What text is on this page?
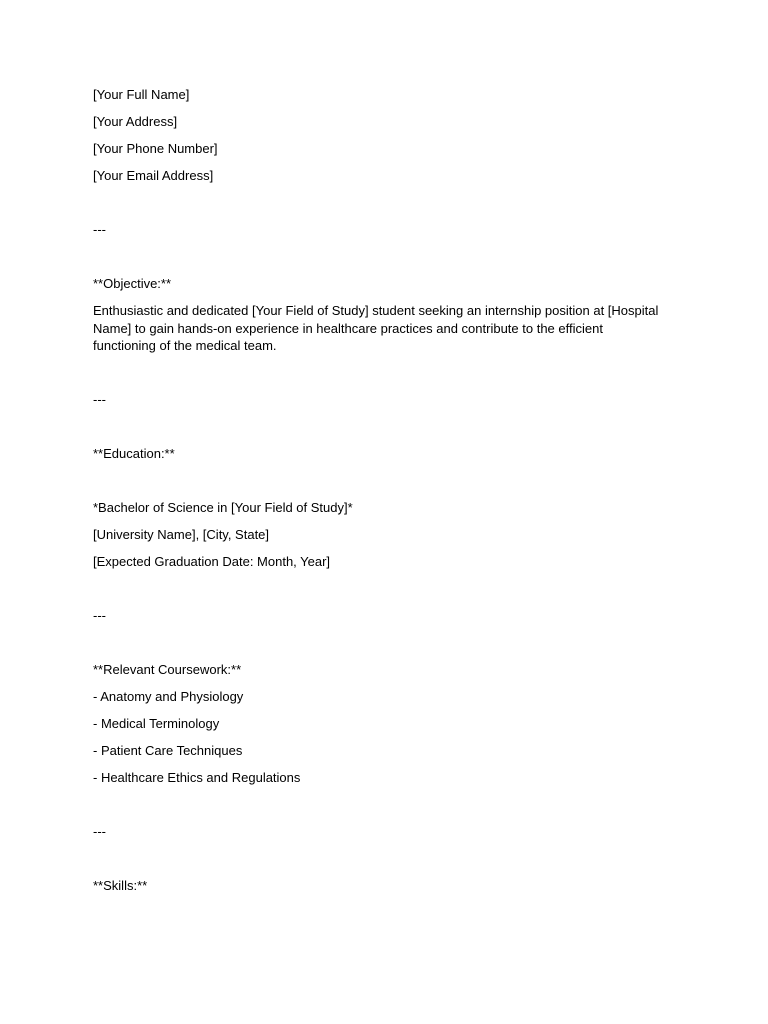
[Your Full Name]
[Your Address]
[Your Phone Number]
[Your Email Address]
---
**Objective:**
Enthusiastic and dedicated [Your Field of Study] student seeking an internship position at [Hospital Name] to gain hands-on experience in healthcare practices and contribute to the efficient functioning of the medical team.
---
**Education:**
*Bachelor of Science in [Your Field of Study]*
[University Name], [City, State]
[Expected Graduation Date: Month, Year]
---
**Relevant Coursework:**
- Anatomy and Physiology
- Medical Terminology
- Patient Care Techniques
- Healthcare Ethics and Regulations
---
**Skills:**
